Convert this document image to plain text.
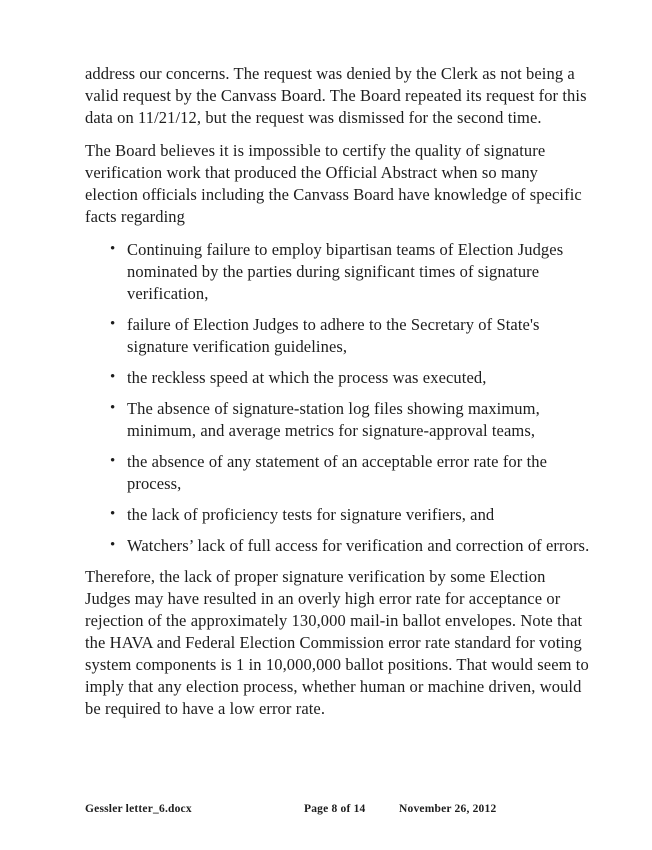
address our concerns. The request was denied by the Clerk as not being a valid request by the Canvass Board. The Board repeated its request for this data on 11/21/12, but the request was dismissed for the second time.

The Board believes it is impossible to certify the quality of signature verification work that produced the Official Abstract when so many election officials including the Canvass Board have knowledge of specific facts regarding

• Continuing failure to employ bipartisan teams of Election Judges nominated by the parties during significant times of signature verification,
• failure of Election Judges to adhere to the Secretary of State's signature verification guidelines,
• the reckless speed at which the process was executed,
• The absence of signature-station log files showing maximum, minimum, and average metrics for signature-approval teams,
• the absence of any statement of an acceptable error rate for the process,
• the lack of proficiency tests for signature verifiers, and
• Watchers’ lack of full access for verification and correction of errors.

Therefore, the lack of proper signature verification by some Election Judges may have resulted in an overly high error rate for acceptance or rejection of the approximately 130,000 mail-in ballot envelopes. Note that the HAVA and Federal Election Commission error rate standard for voting system components is 1 in 10,000,000 ballot positions. That would seem to imply that any election process, whether human or machine driven, would be required to have a low error rate.

Gessler letter_6.docx	Page 8 of 14	November 26, 2012
